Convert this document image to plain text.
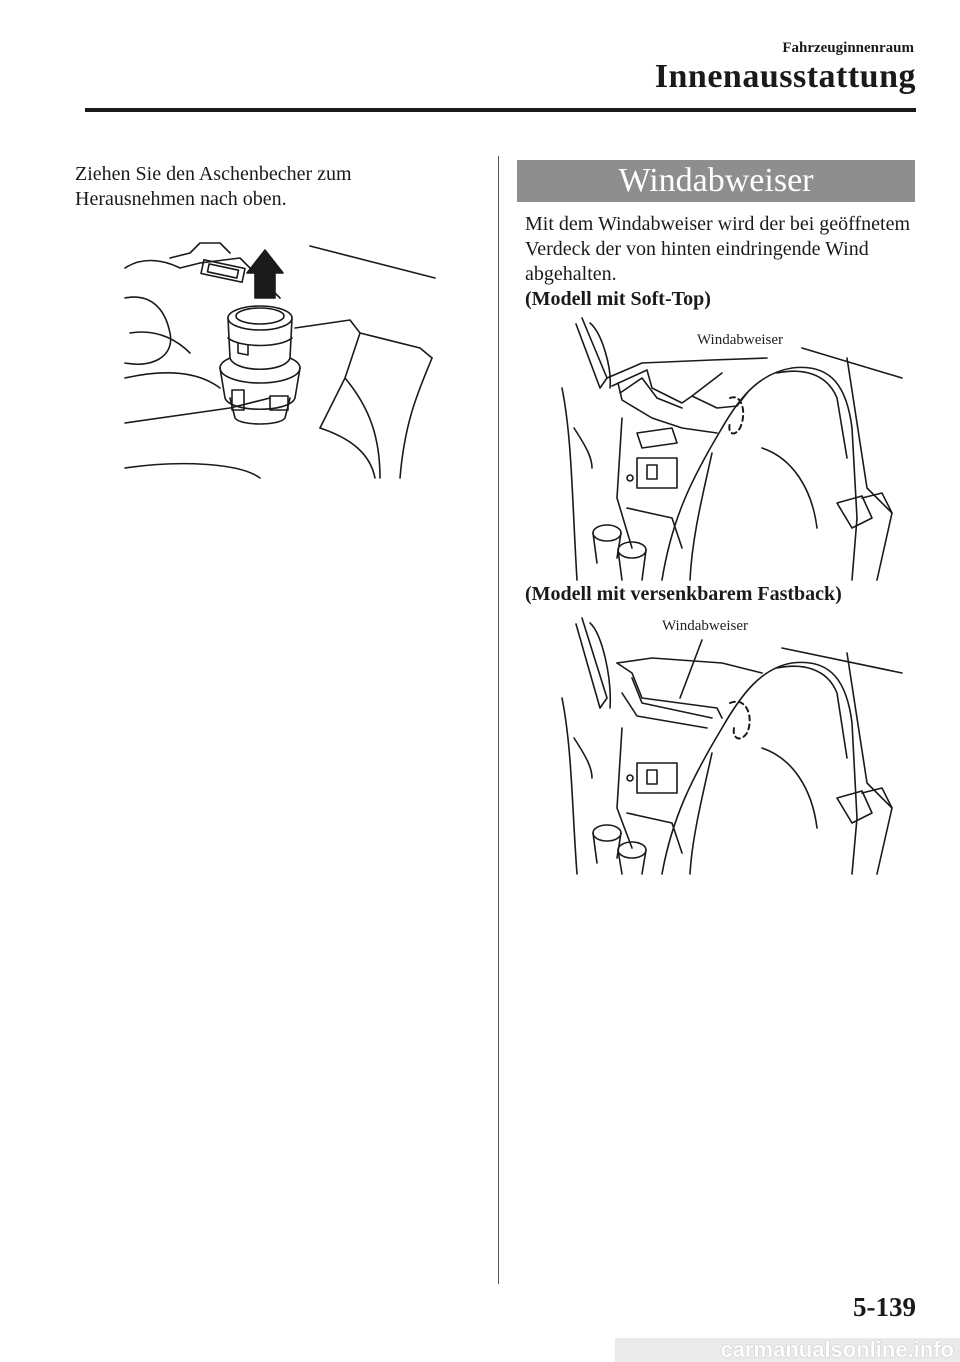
Fahrzeuginnenraum
Innenausstattung
Ziehen Sie den Aschenbecher zum Herausnehmen nach oben.	Windabweiser
Mit dem Windabweiser wird der bei geöffnetem Verdeck der von hinten eindringende Wind abgehalten.
(Modell mit Soft-Top)
Windabweiser
(Modell mit versenkbarem Fastback)
Windabweiser
5-139
carmanualsonline.info
